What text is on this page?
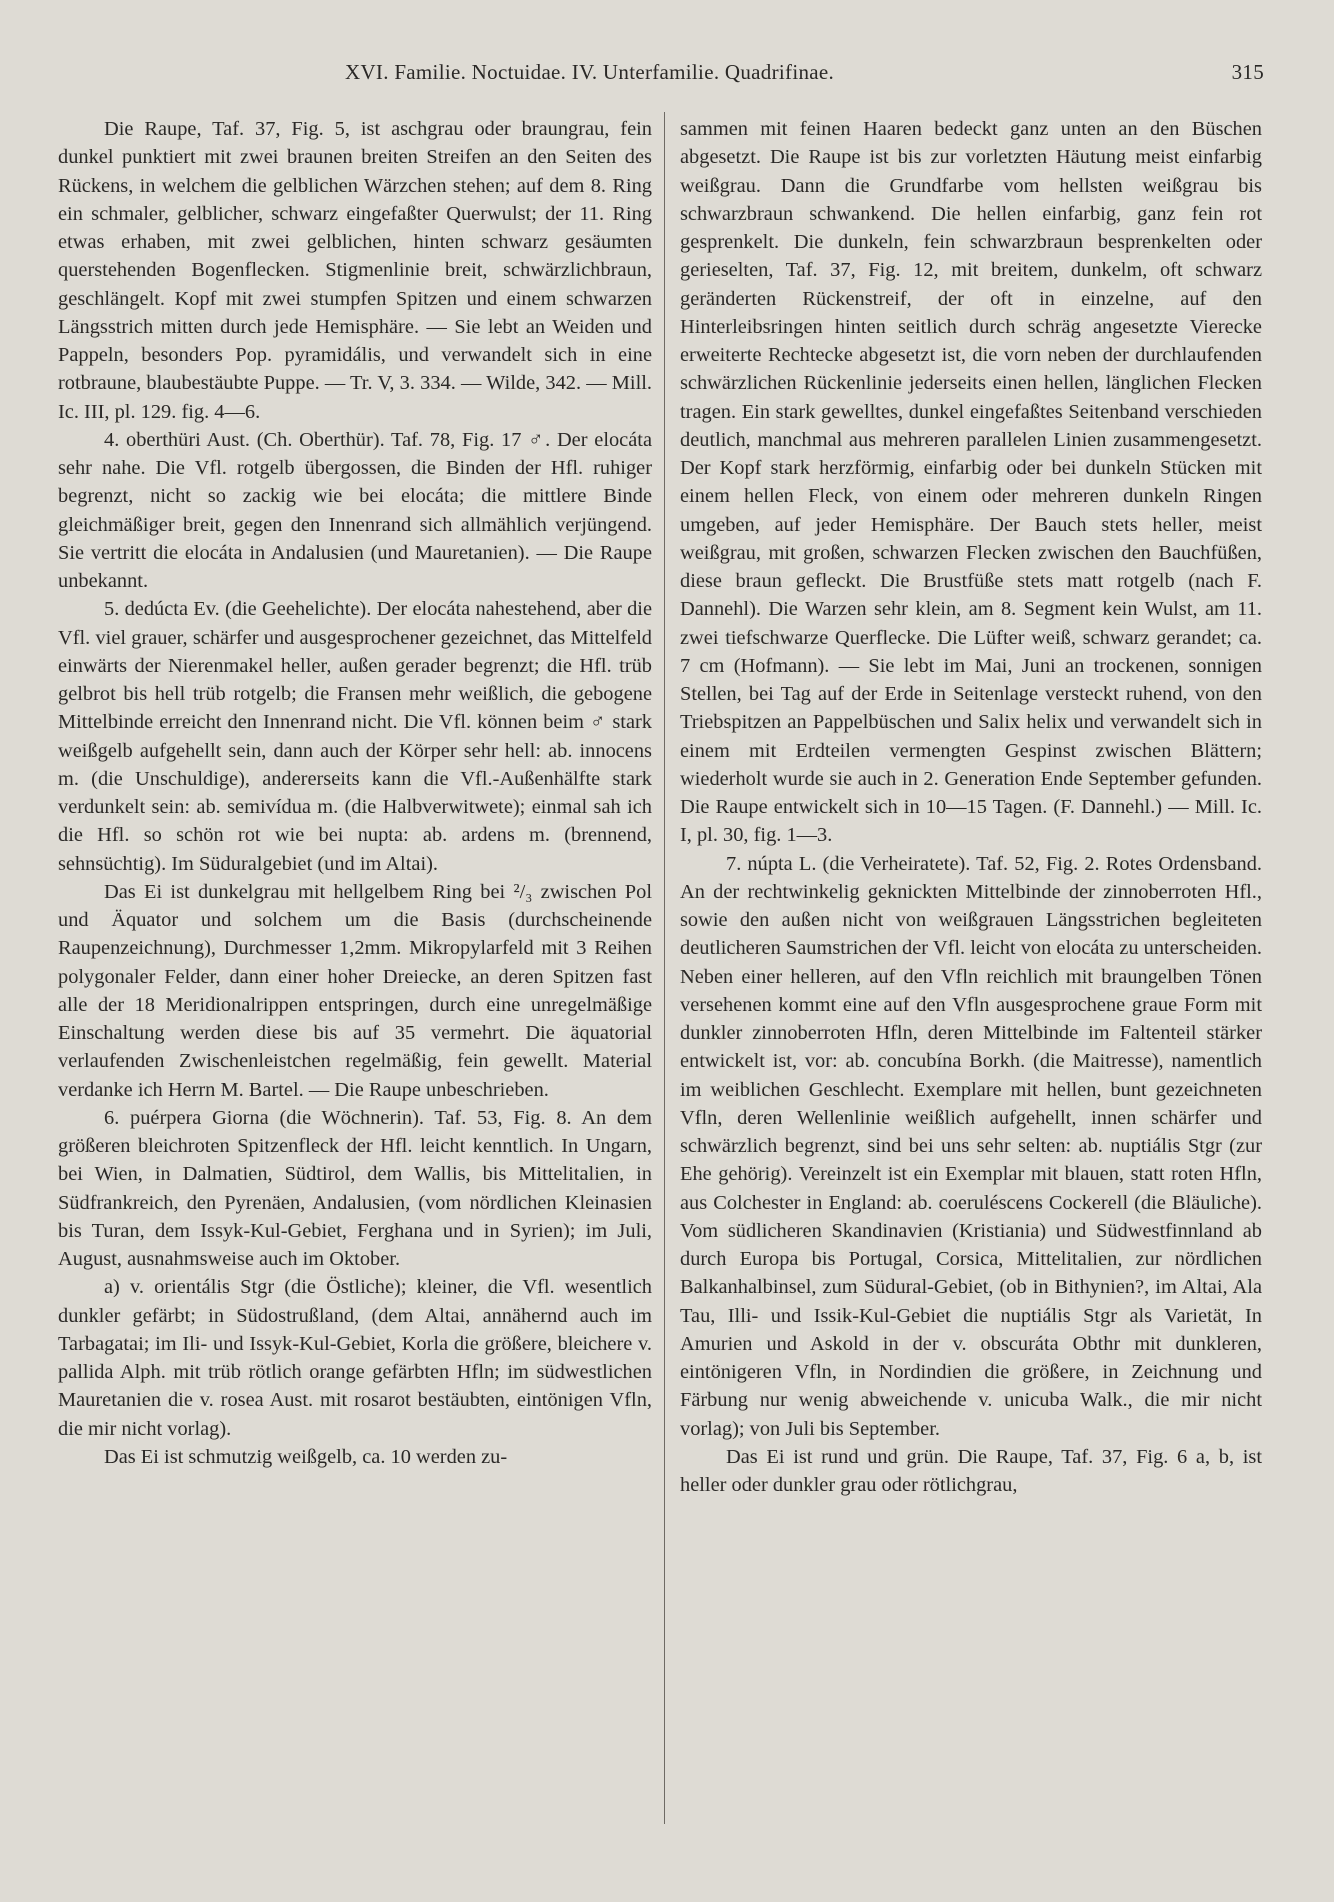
XVI. Familie. Noctuidae. IV. Unterfamilie. Quadrifinae.	315

Die Raupe, Taf. 37, Fig. 5, ist aschgrau oder braungrau, fein dunkel punktiert mit zwei braunen breiten Streifen an den Seiten des Rückens, in welchem die gelblichen Wärzchen stehen; auf dem 8. Ring ein schmaler, gelblicher, schwarz eingefaßter Querwulst; der 11. Ring etwas erhaben, mit zwei gelblichen, hinten schwarz gesäumten querstehenden Bogenflecken. Stigmenlinie breit, schwärzlichbraun, geschlängelt. Kopf mit zwei stumpfen Spitzen und einem schwarzen Längsstrich mitten durch jede Hemisphäre. — Sie lebt an Weiden und Pappeln, besonders Pop. pyramidális, und verwandelt sich in eine rotbraune, blaubestäubte Puppe. — Tr. V, 3. 334. — Wilde, 342. — Mill. Ic. III, pl. 129. fig. 4—6.

4. oberthüri Aust. (Ch. Oberthür). Taf. 78, Fig. 17 ♂. Der elocáta sehr nahe. Die Vfl. rotgelb übergossen, die Binden der Hfl. ruhiger begrenzt, nicht so zackig wie bei elocáta; die mittlere Binde gleichmäßiger breit, gegen den Innenrand sich allmählich verjüngend. Sie vertritt die elocáta in Andalusien (und Mauretanien). — Die Raupe unbekannt.

5. dedúcta Ev. (die Geehelichte). Der elocáta nahestehend, aber die Vfl. viel grauer, schärfer und ausgesprochener gezeichnet, das Mittelfeld einwärts der Nierenmakel heller, außen gerader begrenzt; die Hfl. trüb gelbrot bis hell trüb rotgelb; die Fransen mehr weißlich, die gebogene Mittelbinde erreicht den Innenrand nicht. Die Vfl. können beim ♂ stark weißgelb aufgehellt sein, dann auch der Körper sehr hell: ab. innocens m. (die Unschuldige), andererseits kann die Vfl.-Außenhälfte stark verdunkelt sein: ab. semivídua m. (die Halbverwitwete); einmal sah ich die Hfl. so schön rot wie bei nupta: ab. ardens m. (brennend, sehnsüchtig). Im Süduralgebiet (und im Altai).

Das Ei ist dunkelgrau mit hellgelbem Ring bei ²/₃ zwischen Pol und Äquator und solchem um die Basis (durchscheinende Raupenzeichnung), Durchmesser 1,2mm. Mikropylarfeld mit 3 Reihen polygonaler Felder, dann einer hoher Dreiecke, an deren Spitzen fast alle der 18 Meridionalrippen entspringen, durch eine unregelmäßige Einschaltung werden diese bis auf 35 vermehrt. Die äquatorial verlaufenden Zwischenleistchen regelmäßig, fein gewellt. Material verdanke ich Herrn M. Bartel. — Die Raupe unbeschrieben.

6. puérpera Giorna (die Wöchnerin). Taf. 53, Fig. 8. An dem größeren bleichroten Spitzenfleck der Hfl. leicht kenntlich. In Ungarn, bei Wien, in Dalmatien, Südtirol, dem Wallis, bis Mittelitalien, in Südfrankreich, den Pyrenäen, Andalusien, (vom nördlichen Kleinasien bis Turan, dem Issyk-Kul-Gebiet, Ferghana und in Syrien); im Juli, August, ausnahmsweise auch im Oktober.

a) v. orientális Stgr (die Östliche); kleiner, die Vfl. wesentlich dunkler gefärbt; in Südostrußland, (dem Altai, annähernd auch im Tarbagatai; im Ili- und Issyk-Kul-Gebiet, Korla die größere, bleichere v. pallida Alph. mit trüb rötlich orange gefärbten Hfln; im südwestlichen Mauretanien die v. rosea Aust. mit rosarot bestäubten, eintönigen Vfln, die mir nicht vorlag).

Das Ei ist schmutzig weißgelb, ca. 10 werden zu-

sammen mit feinen Haaren bedeckt ganz unten an den Büschen abgesetzt. Die Raupe ist bis zur vorletzten Häutung meist einfarbig weißgrau. Dann die Grundfarbe vom hellsten weißgrau bis schwarzbraun schwankend. Die hellen einfarbig, ganz fein rot gesprenkelt. Die dunkeln, fein schwarzbraun besprenkelten oder gerieselten, Taf. 37, Fig. 12, mit breitem, dunkelm, oft schwarz geränderten Rückenstreif, der oft in einzelne, auf den Hinterleibsringen hinten seitlich durch schräg angesetzte Vierecke erweiterte Rechtecke abgesetzt ist, die vorn neben der durchlaufenden schwärzlichen Rückenlinie jederseits einen hellen, länglichen Flecken tragen. Ein stark gewelltes, dunkel eingefaßtes Seitenband verschieden deutlich, manchmal aus mehreren parallelen Linien zusammengesetzt. Der Kopf stark herzförmig, einfarbig oder bei dunkeln Stücken mit einem hellen Fleck, von einem oder mehreren dunkeln Ringen umgeben, auf jeder Hemisphäre. Der Bauch stets heller, meist weißgrau, mit großen, schwarzen Flecken zwischen den Bauchfüßen, diese braun gefleckt. Die Brustfüße stets matt rotgelb (nach F. Dannehl). Die Warzen sehr klein, am 8. Segment kein Wulst, am 11. zwei tiefschwarze Querflecke. Die Lüfter weiß, schwarz gerandet; ca. 7 cm (Hofmann). — Sie lebt im Mai, Juni an trockenen, sonnigen Stellen, bei Tag auf der Erde in Seitenlage versteckt ruhend, von den Triebspitzen an Pappelbüschen und Salix helix und verwandelt sich in einem mit Erdteilen vermengten Gespinst zwischen Blättern; wiederholt wurde sie auch in 2. Generation Ende September gefunden. Die Raupe entwickelt sich in 10—15 Tagen. (F. Dannehl.) — Mill. Ic. I, pl. 30, fig. 1—3.

7. núpta L. (die Verheiratete). Taf. 52, Fig. 2. Rotes Ordensband. An der rechtwinkelig geknickten Mittelbinde der zinnoberroten Hfl., sowie den außen nicht von weißgrauen Längsstrichen begleiteten deutlicheren Saumstrichen der Vfl. leicht von elocáta zu unterscheiden. Neben einer helleren, auf den Vfln reichlich mit braungelben Tönen versehenen kommt eine auf den Vfln ausgesprochene graue Form mit dunkler zinnoberroten Hfln, deren Mittelbinde im Faltenteil stärker entwickelt ist, vor: ab. concubína Borkh. (die Maitresse), namentlich im weiblichen Geschlecht. Exemplare mit hellen, bunt gezeichneten Vfln, deren Wellenlinie weißlich aufgehellt, innen schärfer und schwärzlich begrenzt, sind bei uns sehr selten: ab. nuptiális Stgr (zur Ehe gehörig). Vereinzelt ist ein Exemplar mit blauen, statt roten Hfln, aus Colchester in England: ab. coeruléscens Cockerell (die Bläuliche). Vom südlicheren Skandinavien (Kristiania) und Südwestfinnland ab durch Europa bis Portugal, Corsica, Mittelitalien, zur nördlichen Balkanhalbinsel, zum Südural-Gebiet, (ob in Bithynien?, im Altai, Ala Tau, Illi- und Issik-Kul-Gebiet die nuptiális Stgr als Varietät, In Amurien und Askold in der v. obscuráta Obthr mit dunkleren, eintönigeren Vfln, in Nordindien die größere, in Zeichnung und Färbung nur wenig abweichende v. unicuba Walk., die mir nicht vorlag); von Juli bis September.

Das Ei ist rund und grün. Die Raupe, Taf. 37, Fig. 6 a, b, ist heller oder dunkler grau oder rötlichgrau,
